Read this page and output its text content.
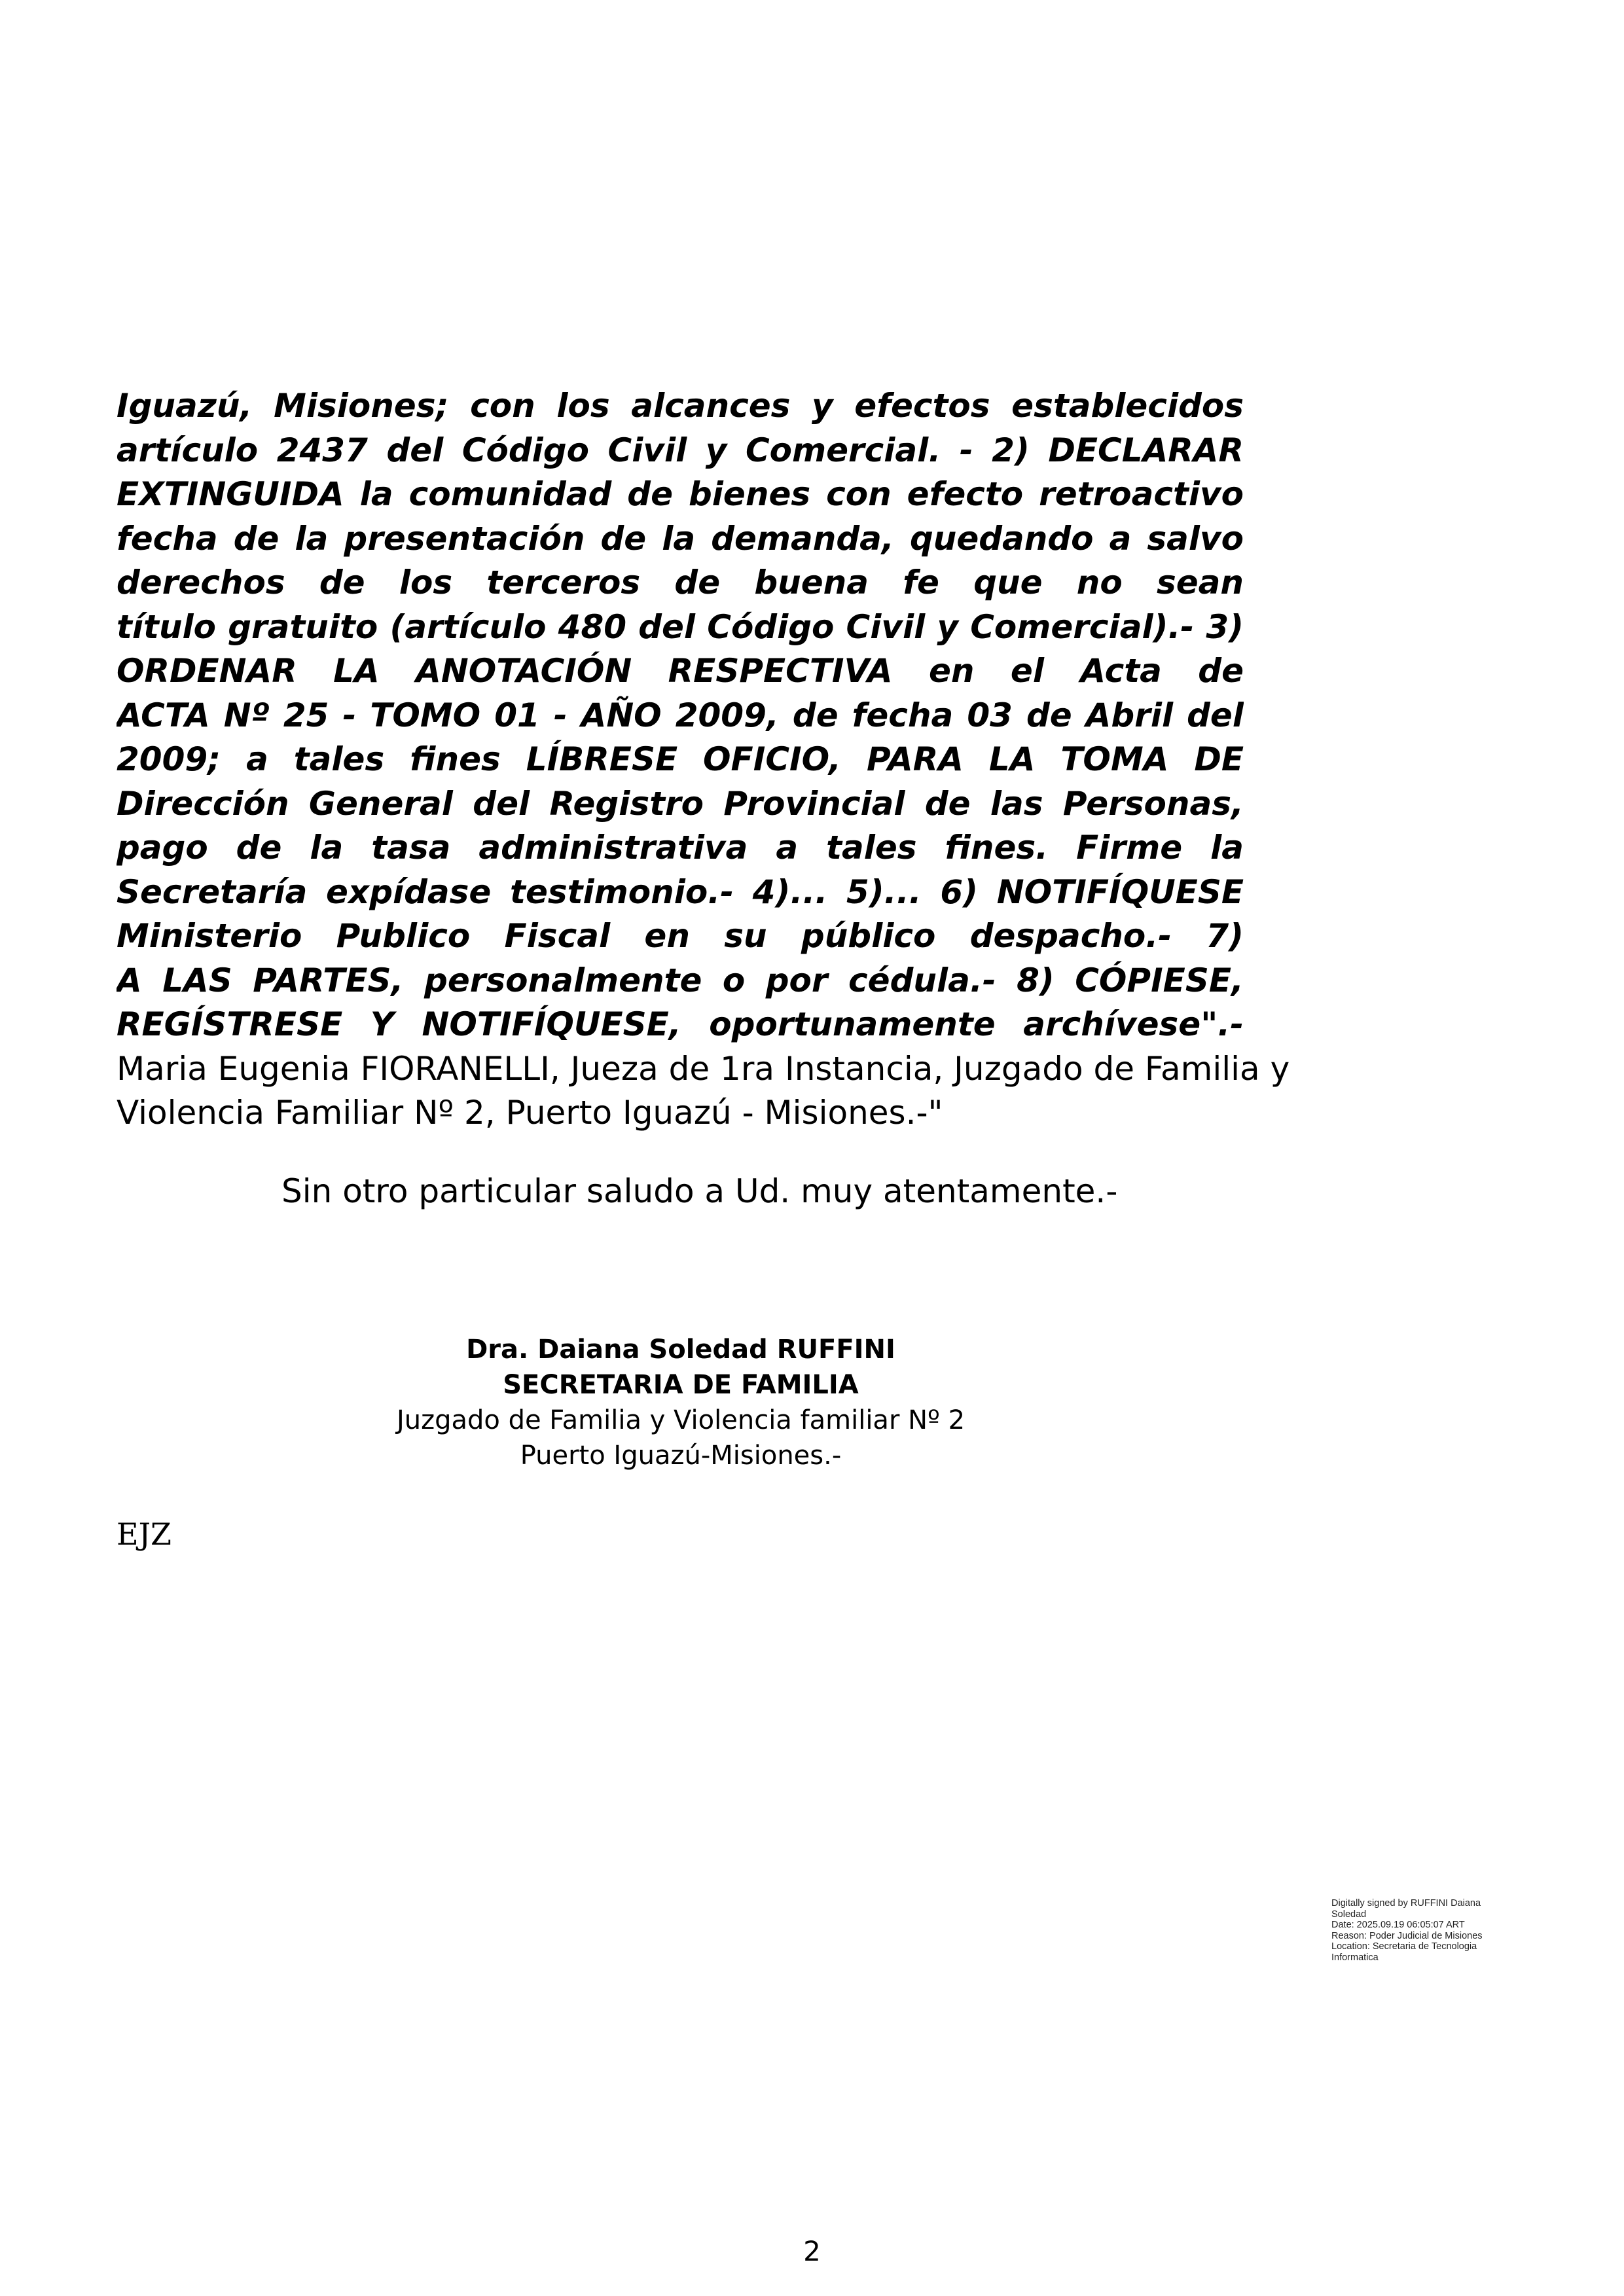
Iguazú, Misiones; con los alcances y efectos establecidos
artículo 2437 del Código Civil y Comercial. - 2) DECLARAR
EXTINGUIDA la comunidad de bienes con efecto retroactivo
fecha de la presentación de la demanda, quedando a salvo
derechos de los terceros de buena fe que no sean
título gratuito (artículo 480 del Código Civil y Comercial).- 3)
ORDENAR LA ANOTACIÓN RESPECTIVA en el Acta de
ACTA Nº 25 - TOMO 01 - AÑO 2009, de fecha 03 de Abril del
2009; a tales fines LÍBRESE OFICIO, PARA LA TOMA DE
Dirección General del Registro Provincial de las Personas,
pago de la tasa administrativa a tales fines. Firme la
Secretaría expídase testimonio.- 4)... 5)... 6) NOTIFÍQUESE
Ministerio Publico Fiscal en su público despacho.- 7)
A LAS PARTES, personalmente o por cédula.- 8) CÓPIESE,
REGÍSTRESE Y NOTIFÍQUESE, oportunamente archívese".-
Maria Eugenia FIORANELLI, Jueza de 1ra Instancia, Juzgado de Familia y
Violencia Familiar Nº 2, Puerto Iguazú - Misiones.-"
Sin otro particular saludo a Ud. muy atentamente.-
Dra. Daiana Soledad RUFFINI
SECRETARIA DE FAMILIA
Juzgado de Familia y Violencia familiar Nº 2
Puerto Iguazú-Misiones.-
EJZ
Digitally signed by RUFFINI Daiana
Soledad
Date: 2025.09.19 06:05:07 ART
Reason: Poder Judicial de Misiones
Location: Secretaria de Tecnologia
Informatica
2
